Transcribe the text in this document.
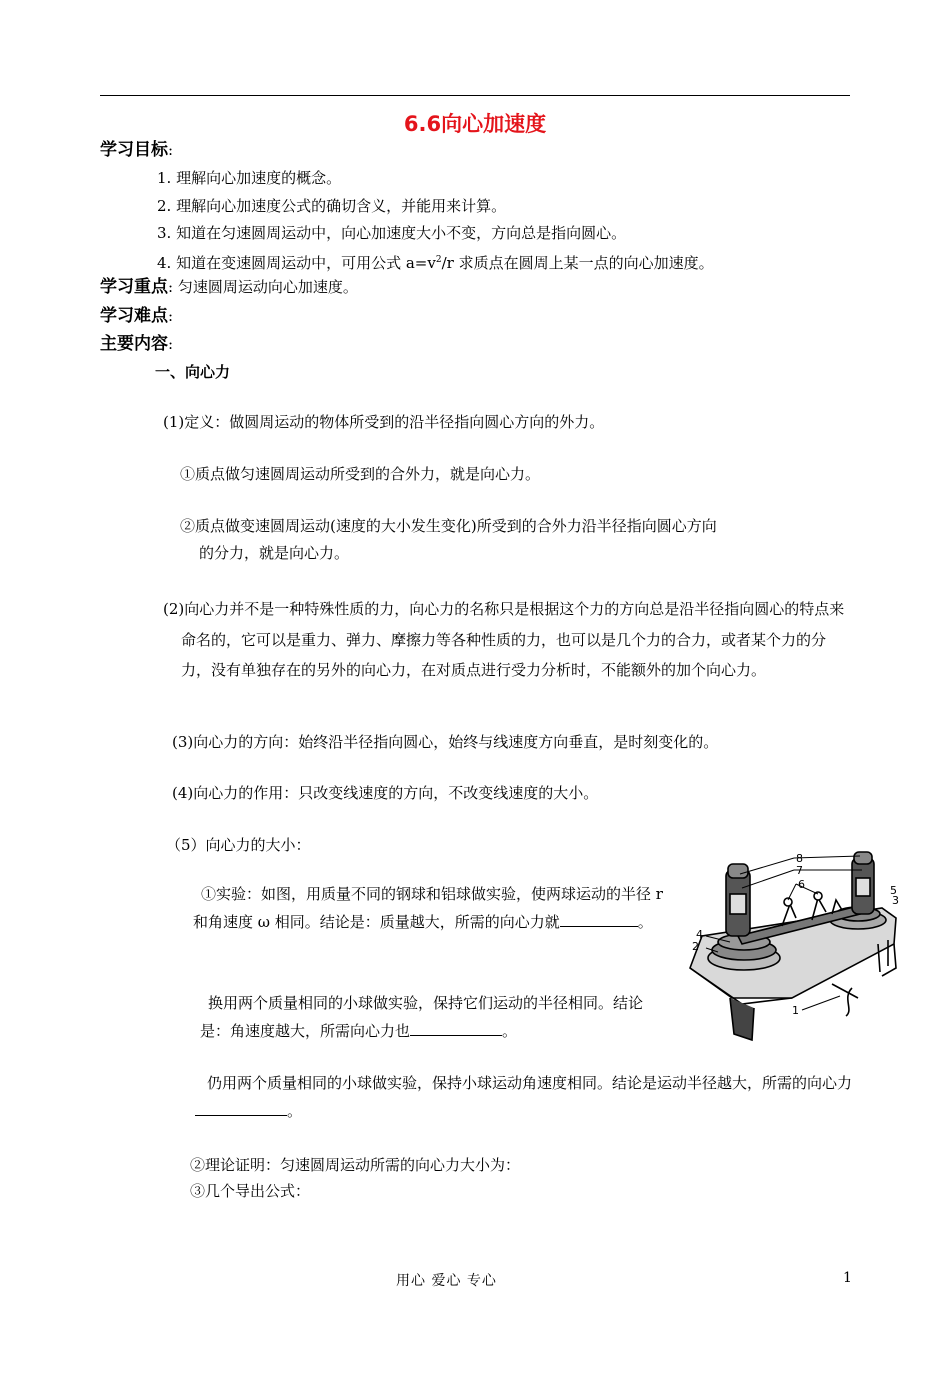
6.6向心加速度
学习目标:
1. 理解向心加速度的概念。
2. 理解向心加速度公式的确切含义，并能用来计算。
3. 知道在匀速圆周运动中，向心加速度大小不变，方向总是指向圆心。
4. 知道在变速圆周运动中，可用公式 $a=v^2/r$ 求质点在圆周上某一点的向心加速度。
学习重点: 匀速圆周运动向心加速度。
学习难点:
主要内容:
一、向心力
(1)定义：做圆周运动的物体所受到的沿半径指向圆心方向的外力。
①质点做匀速圆周运动所受到的合外力，就是向心力。
②质点做变速圆周运动(速度的大小发生变化)所受到的合外力沿半径指向圆心方向
的分力，就是向心力。
(2)向心力并不是一种特殊性质的力，向心力的名称只是根据这个力的方向总是沿半径指向圆心的特点来命名的，它可以是重力、弹力、摩擦力等各种性质的力，也可以是几个力的合力，或者某个力的分力，没有单独存在的另外的向心力，在对质点进行受力分析时，不能额外的加个向心力。
(3)向心力的方向：始终沿半径指向圆心，始终与线速度方向垂直，是时刻变化的。
(4)向心力的作用：只改变线速度的方向，不改变线速度的大小。
（5）向心力的大小：
①实验：如图，用质量不同的钢球和铝球做实验，使两球运动的半径 r 和角速度 ω 相同。结论是：质量越大，所需的向心力就	。
换用两个质量相同的小球做实验，保持它们运动的半径相同。结论是：角速度越大，所需向心力也	。
仍用两个质量相同的小球做实验，保持小球运动角速度相同。结论是运动半径越大，所需的向心力。
②理论证明：匀速圆周运动所需的向心力大小为：
③几个导出公式：
8
7
6	5
3
4
2
1
用心 爱心 专心	1
